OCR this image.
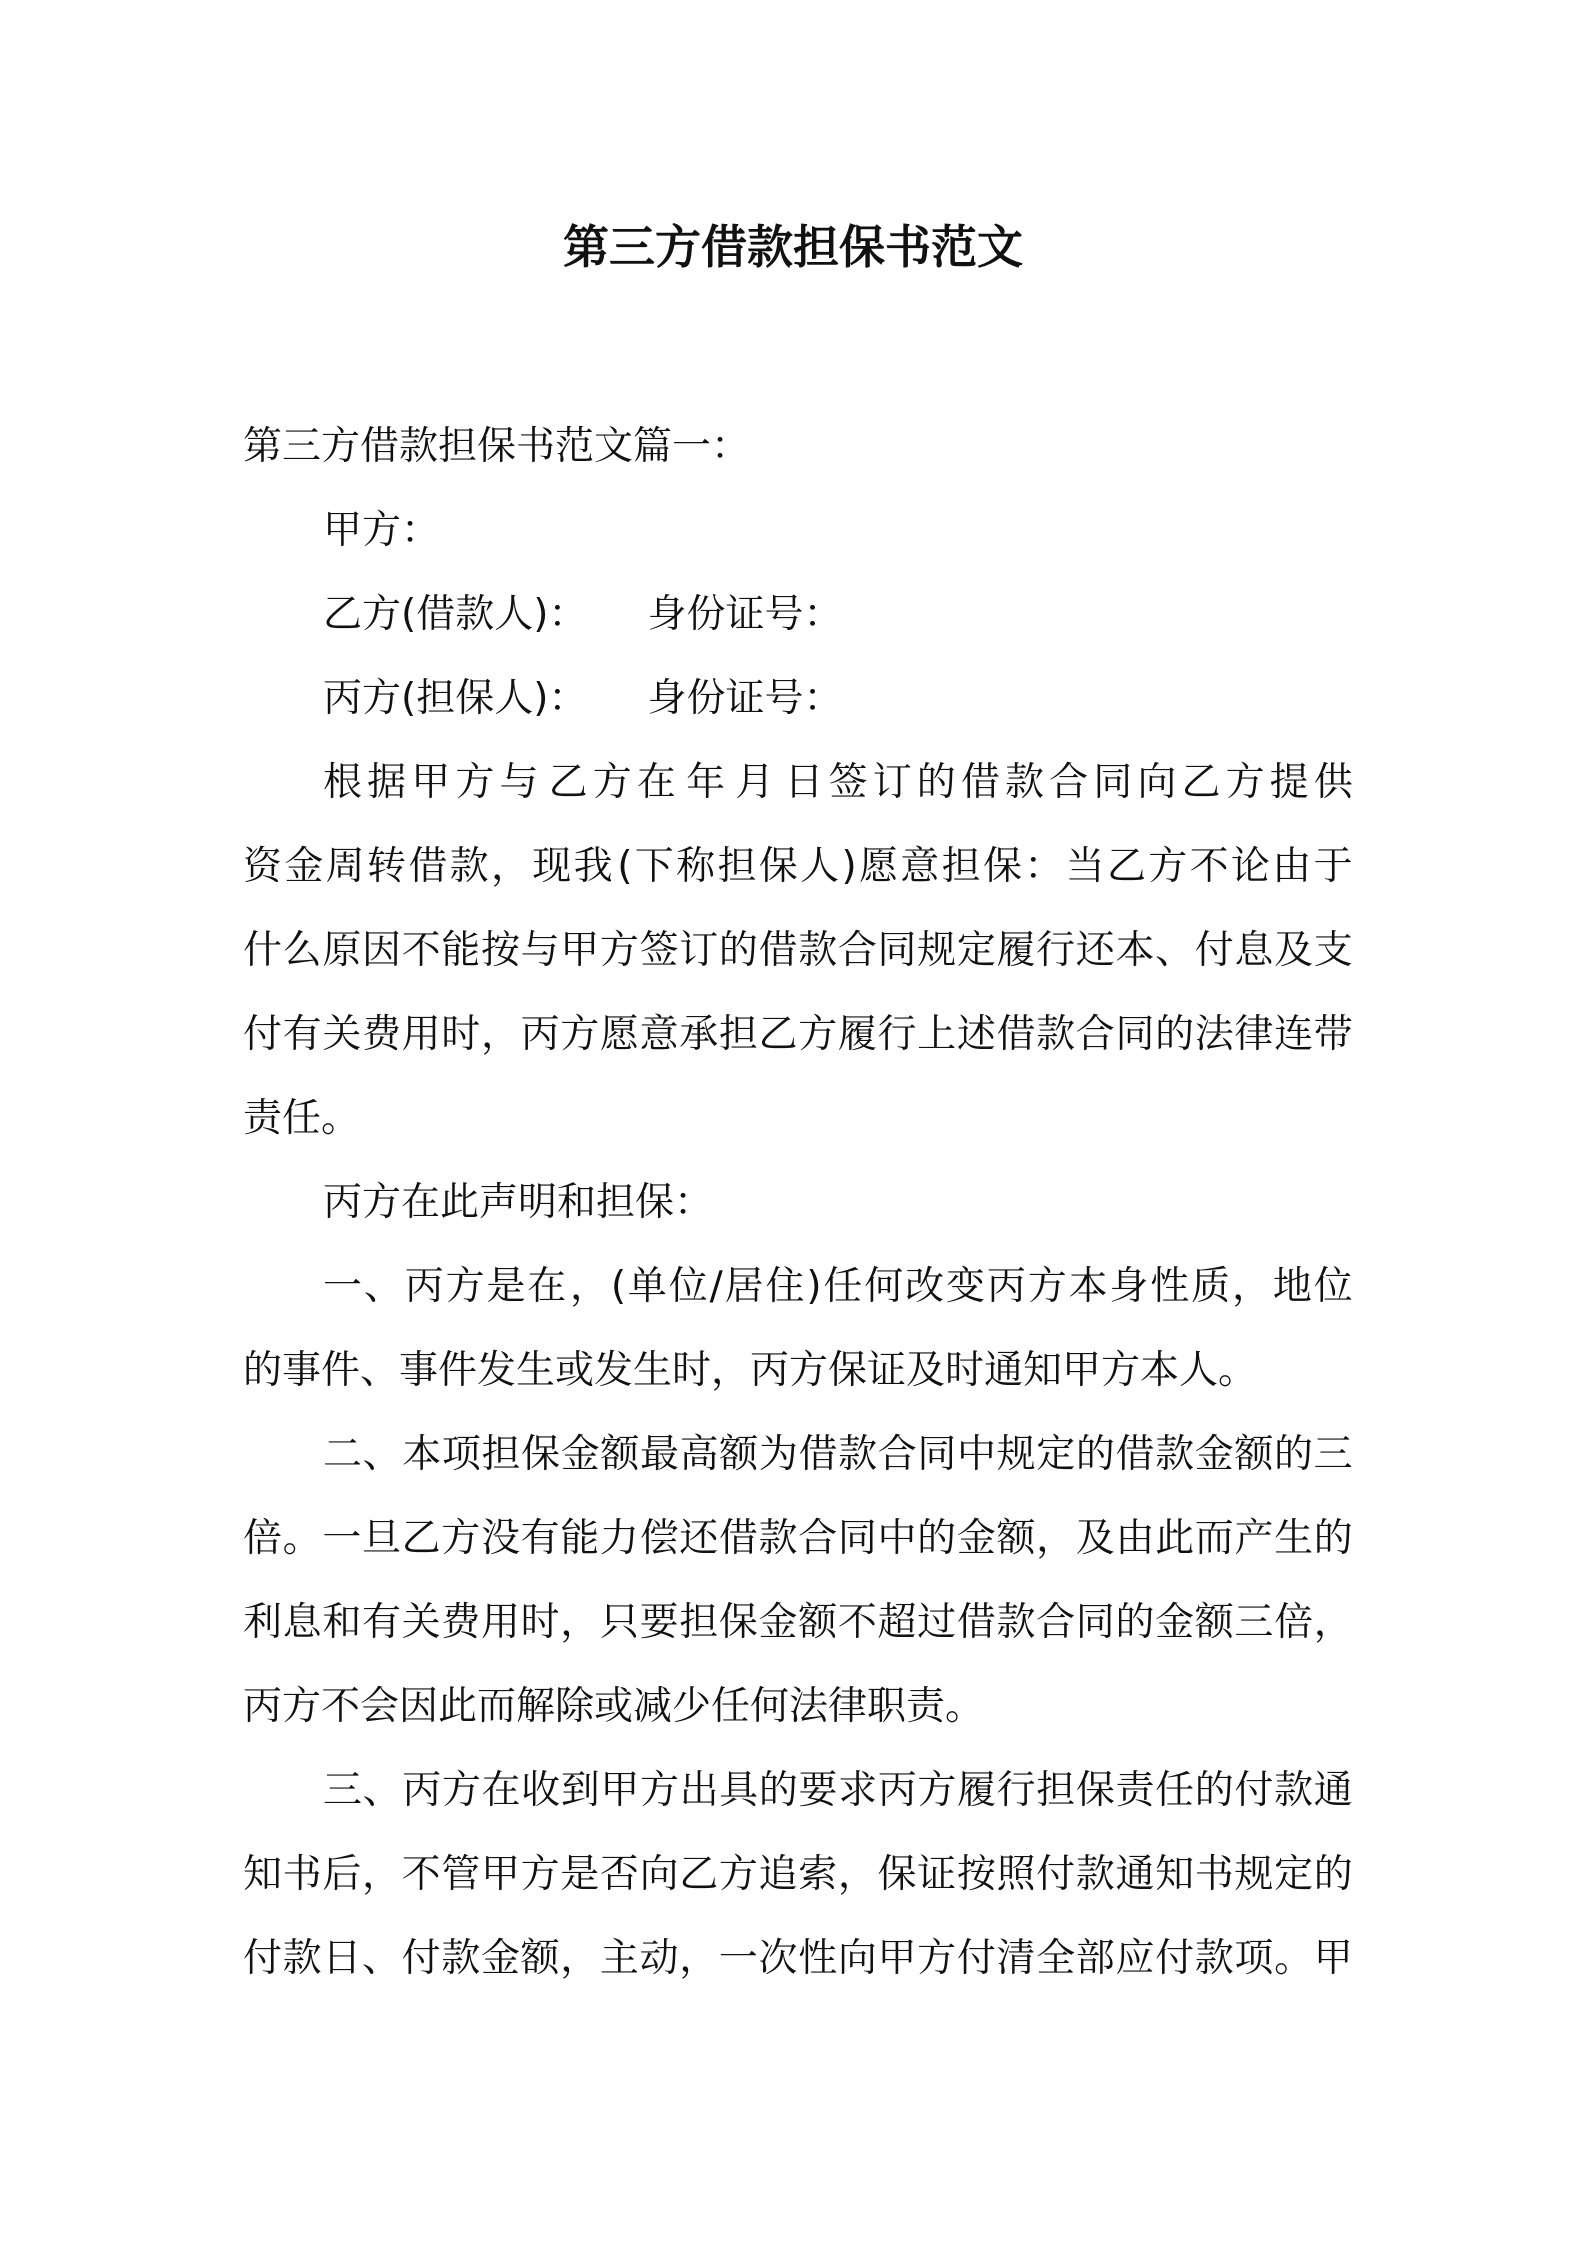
第三方借款担保书范文
第三方借款担保书范文篇一：
甲方：
乙方(借款人)： 身份证号：
丙方(担保人)： 身份证号：
根 据 甲 方 与 乙 方 在 年 月 日 签 订 的 借 款 合 同 向 乙 方 提 供
资 金 周 转 借 款 ， 现 我 ( 下 称 担 保 人 ) 愿 意 担 保 ： 当 乙 方 不 论 由 于
什 么 原 因 不 能 按 与 甲 方 签 订 的 借 款 合 同 规 定 履 行 还 本 、 付 息 及 支
付 有 关 费 用 时 ， 丙 方 愿 意 承 担 乙 方 履 行 上 述 借 款 合 同 的 法 律 连 带
责任。
丙方在此声明和担保：
一 、 丙 方 是 在 ， ( 单 位 / 居 住 ) 任 何 改 变 丙 方 本 身 性 质 ， 地 位
的事件、事件发生或发生时，丙方保证及时通知甲方本人。
二 、 本 项 担 保 金 额 最 高 额 为 借 款 合 同 中 规 定 的 借 款 金 额 的 三
倍 。 一 旦 乙 方 没 有 能 力 偿 还 借 款 合 同 中 的 金 额 ， 及 由 此 而 产 生 的
利 息 和 有 关 费 用 时 ， 只 要 担 保 金 额 不 超 过 借 款 合 同 的 金 额 三 倍 ，
丙方不会因此而解除或减少任何法律职责。
三 、 丙 方 在 收 到 甲 方 出 具 的 要 求 丙 方 履 行 担 保 责 任 的 付 款 通
知 书 后 ， 不 管 甲 方 是 否 向 乙 方 追 索 ， 保 证 按 照 付 款 通 知 书 规 定 的
付 款 日 、 付 款 金 额 ， 主 动 ， 一 次 性 向 甲 方 付 清 全 部 应 付 款 项 。 甲
